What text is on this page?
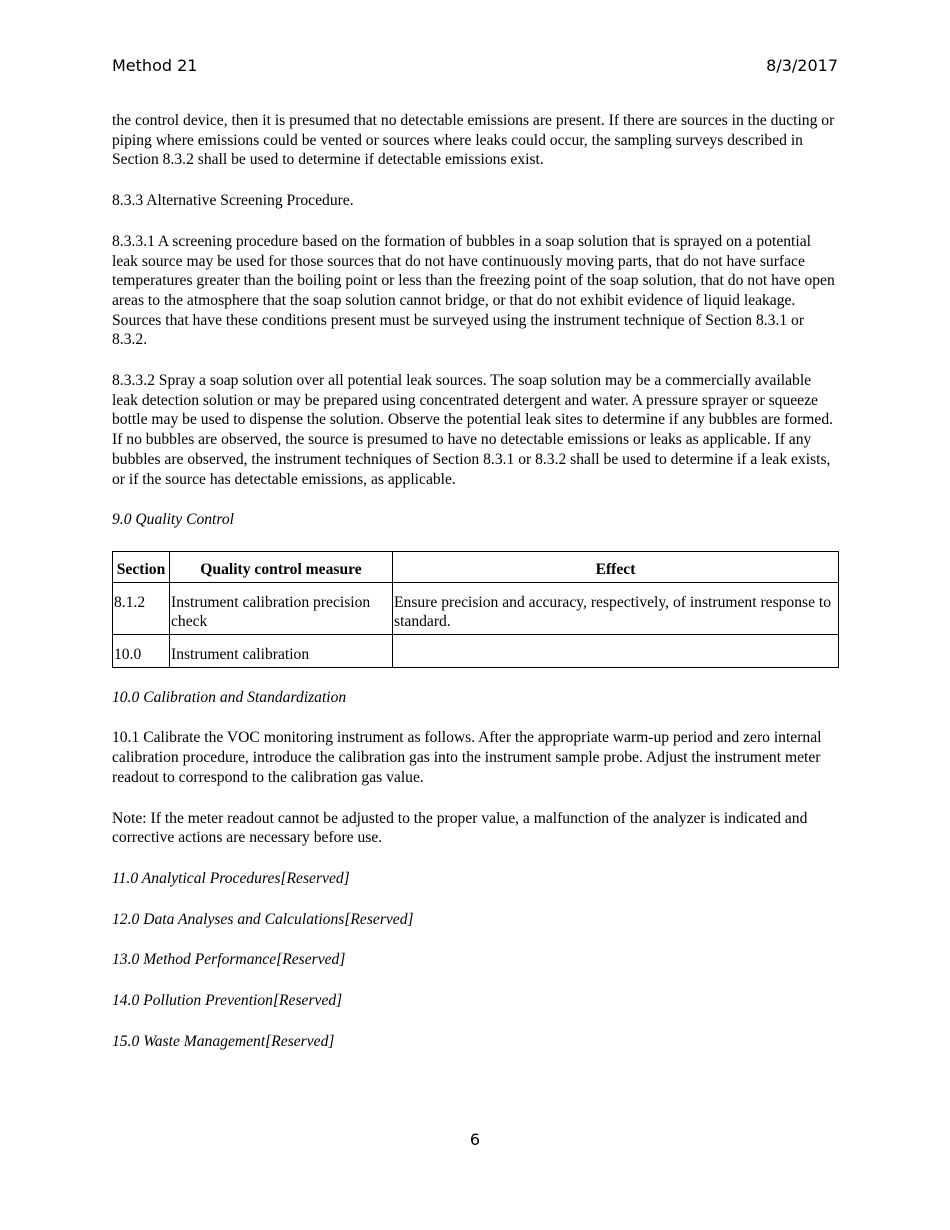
Method 21	8/3/2017

the control device, then it is presumed that no detectable emissions are present. If there are sources in the ducting or piping where emissions could be vented or sources where leaks could occur, the sampling surveys described in Section 8.3.2 shall be used to determine if detectable emissions exist.

8.3.3 Alternative Screening Procedure.

8.3.3.1 A screening procedure based on the formation of bubbles in a soap solution that is sprayed on a potential leak source may be used for those sources that do not have continuously moving parts, that do not have surface temperatures greater than the boiling point or less than the freezing point of the soap solution, that do not have open areas to the atmosphere that the soap solution cannot bridge, or that do not exhibit evidence of liquid leakage. Sources that have these conditions present must be surveyed using the instrument technique of Section 8.3.1 or 8.3.2.

8.3.3.2 Spray a soap solution over all potential leak sources. The soap solution may be a commercially available leak detection solution or may be prepared using concentrated detergent and water. A pressure sprayer or squeeze bottle may be used to dispense the solution. Observe the potential leak sites to determine if any bubbles are formed. If no bubbles are observed, the source is presumed to have no detectable emissions or leaks as applicable. If any bubbles are observed, the instrument techniques of Section 8.3.1 or 8.3.2 shall be used to determine if a leak exists, or if the source has detectable emissions, as applicable.

9.0 Quality Control

Section	Quality control measure	Effect
8.1.2	Instrument calibration precision check	Ensure precision and accuracy, respectively, of instrument response to standard.
10.0	Instrument calibration	

10.0 Calibration and Standardization

10.1 Calibrate the VOC monitoring instrument as follows. After the appropriate warm-up period and zero internal calibration procedure, introduce the calibration gas into the instrument sample probe. Adjust the instrument meter readout to correspond to the calibration gas value.

Note: If the meter readout cannot be adjusted to the proper value, a malfunction of the analyzer is indicated and corrective actions are necessary before use.

11.0 Analytical Procedures[Reserved]

12.0 Data Analyses and Calculations[Reserved]

13.0 Method Performance[Reserved]

14.0 Pollution Prevention[Reserved]

15.0 Waste Management[Reserved]

6
